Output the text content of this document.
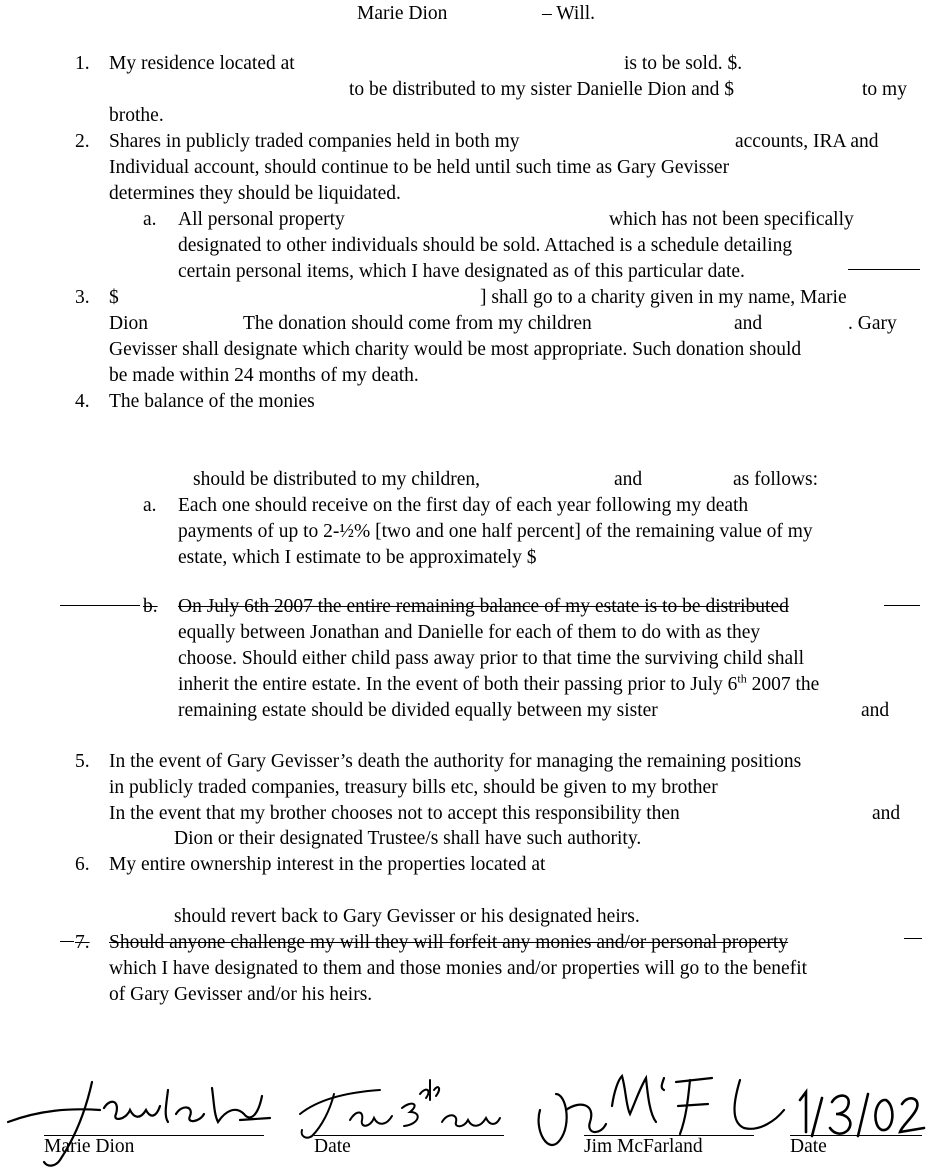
Marie Dion	– Will.
1. My residence located at	is to be sold. $.
to be distributed to my sister Danielle Dion and $	to my
brothe.
2. Shares in publicly traded companies held in both my	accounts, IRA and
Individual account, should continue to be held until such time as Gary Gevisser
determines they should be liquidated.
a. All personal property	which has not been specifically
designated to other individuals should be sold. Attached is a schedule detailing
certain personal items, which I have designated as of this particular date.
3. $	] shall go to a charity given in my name, Marie
Dion	The donation should come from my children	and	. Gary
Gevisser shall designate which charity would be most appropriate. Such donation should
be made within 24 months of my death.
4. The balance of the monies
should be distributed to my children,	and	as follows:
a. Each one should receive on the first day of each year following my death
payments of up to 2-½% [two and one half percent] of the remaining value of my
estate, which I estimate to be approximately $
b. On July 6th 2007 the entire remaining balance of my estate is to be distributed
equally between Jonathan and Danielle for each of them to do with as they
choose. Should either child pass away prior to that time the surviving child shall
inherit the entire estate. In the event of both their passing prior to July 6th 2007 the
remaining estate should be divided equally between my sister	and
5. In the event of Gary Gevisser’s death the authority for managing the remaining positions
in publicly traded companies, treasury bills etc, should be given to my brother
In the event that my brother chooses not to accept this responsibility then	and
Dion or their designated Trustee/s shall have such authority.
6. My entire ownership interest in the properties located at
should revert back to Gary Gevisser or his designated heirs.
7. Should anyone challenge my will they will forfeit any monies and/or personal property
which I have designated to them and those monies and/or properties will go to the benefit
of Gary Gevisser and/or his heirs.
Marie Dion	Date	Jim McFarland	Date
